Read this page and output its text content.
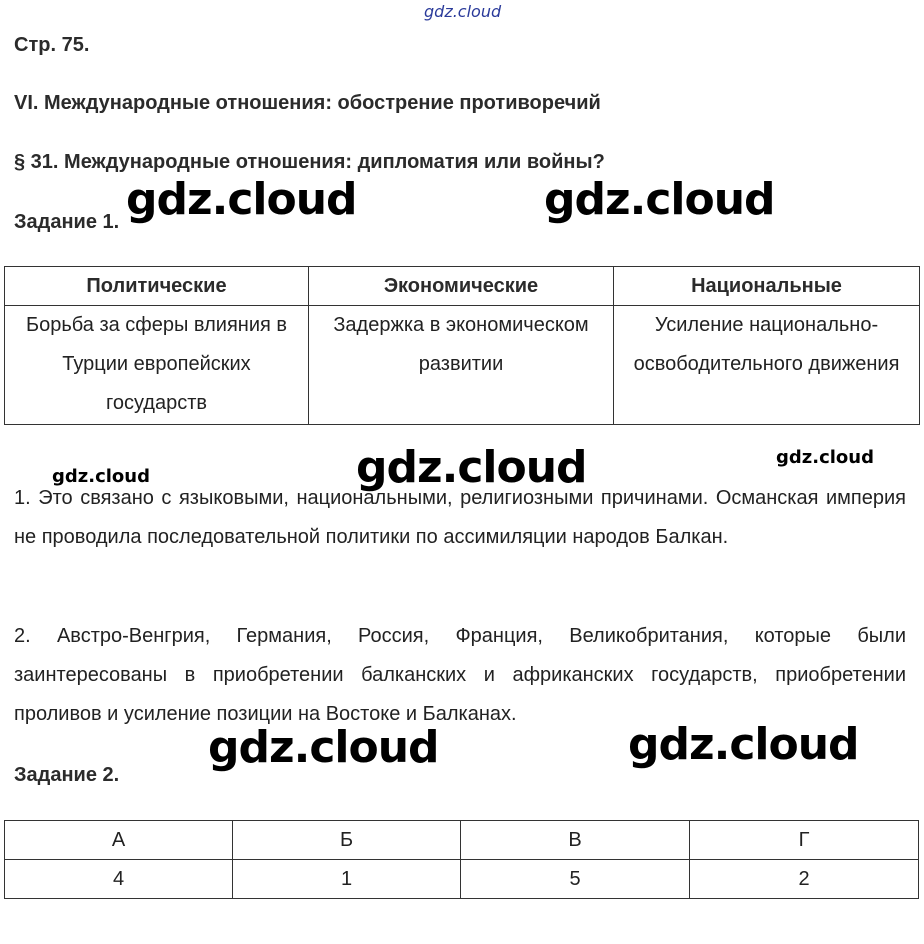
gdz.cloud
Стр. 75.
VI. Международные отношения: обострение противоречий
§ 31. Международные отношения: дипломатия или войны?
Задание 1. gdz.cloud	gdz.cloud
Политические	Экономические	Национальные
Борьба за сферы влияния в Турции европейских государств	Задержка в экономическом развитии	Усиление национально-освободительного движения
gdz.cloud	gdz.cloud	gdz.cloud
1. Это связано с языковыми, национальными, религиозными причинами. Османская империя не проводила последовательной политики по ассимиляции народов Балкан.
2. Австро-Венгрия, Германия, Россия, Франция, Великобритания, которые были заинтересованы в приобретении балканских и африканских государств, приобретении проливов и усиление позиции на Востоке и Балканах.
gdz.cloud	gdz.cloud
Задание 2.
А	Б	В	Г
4	1	5	2
